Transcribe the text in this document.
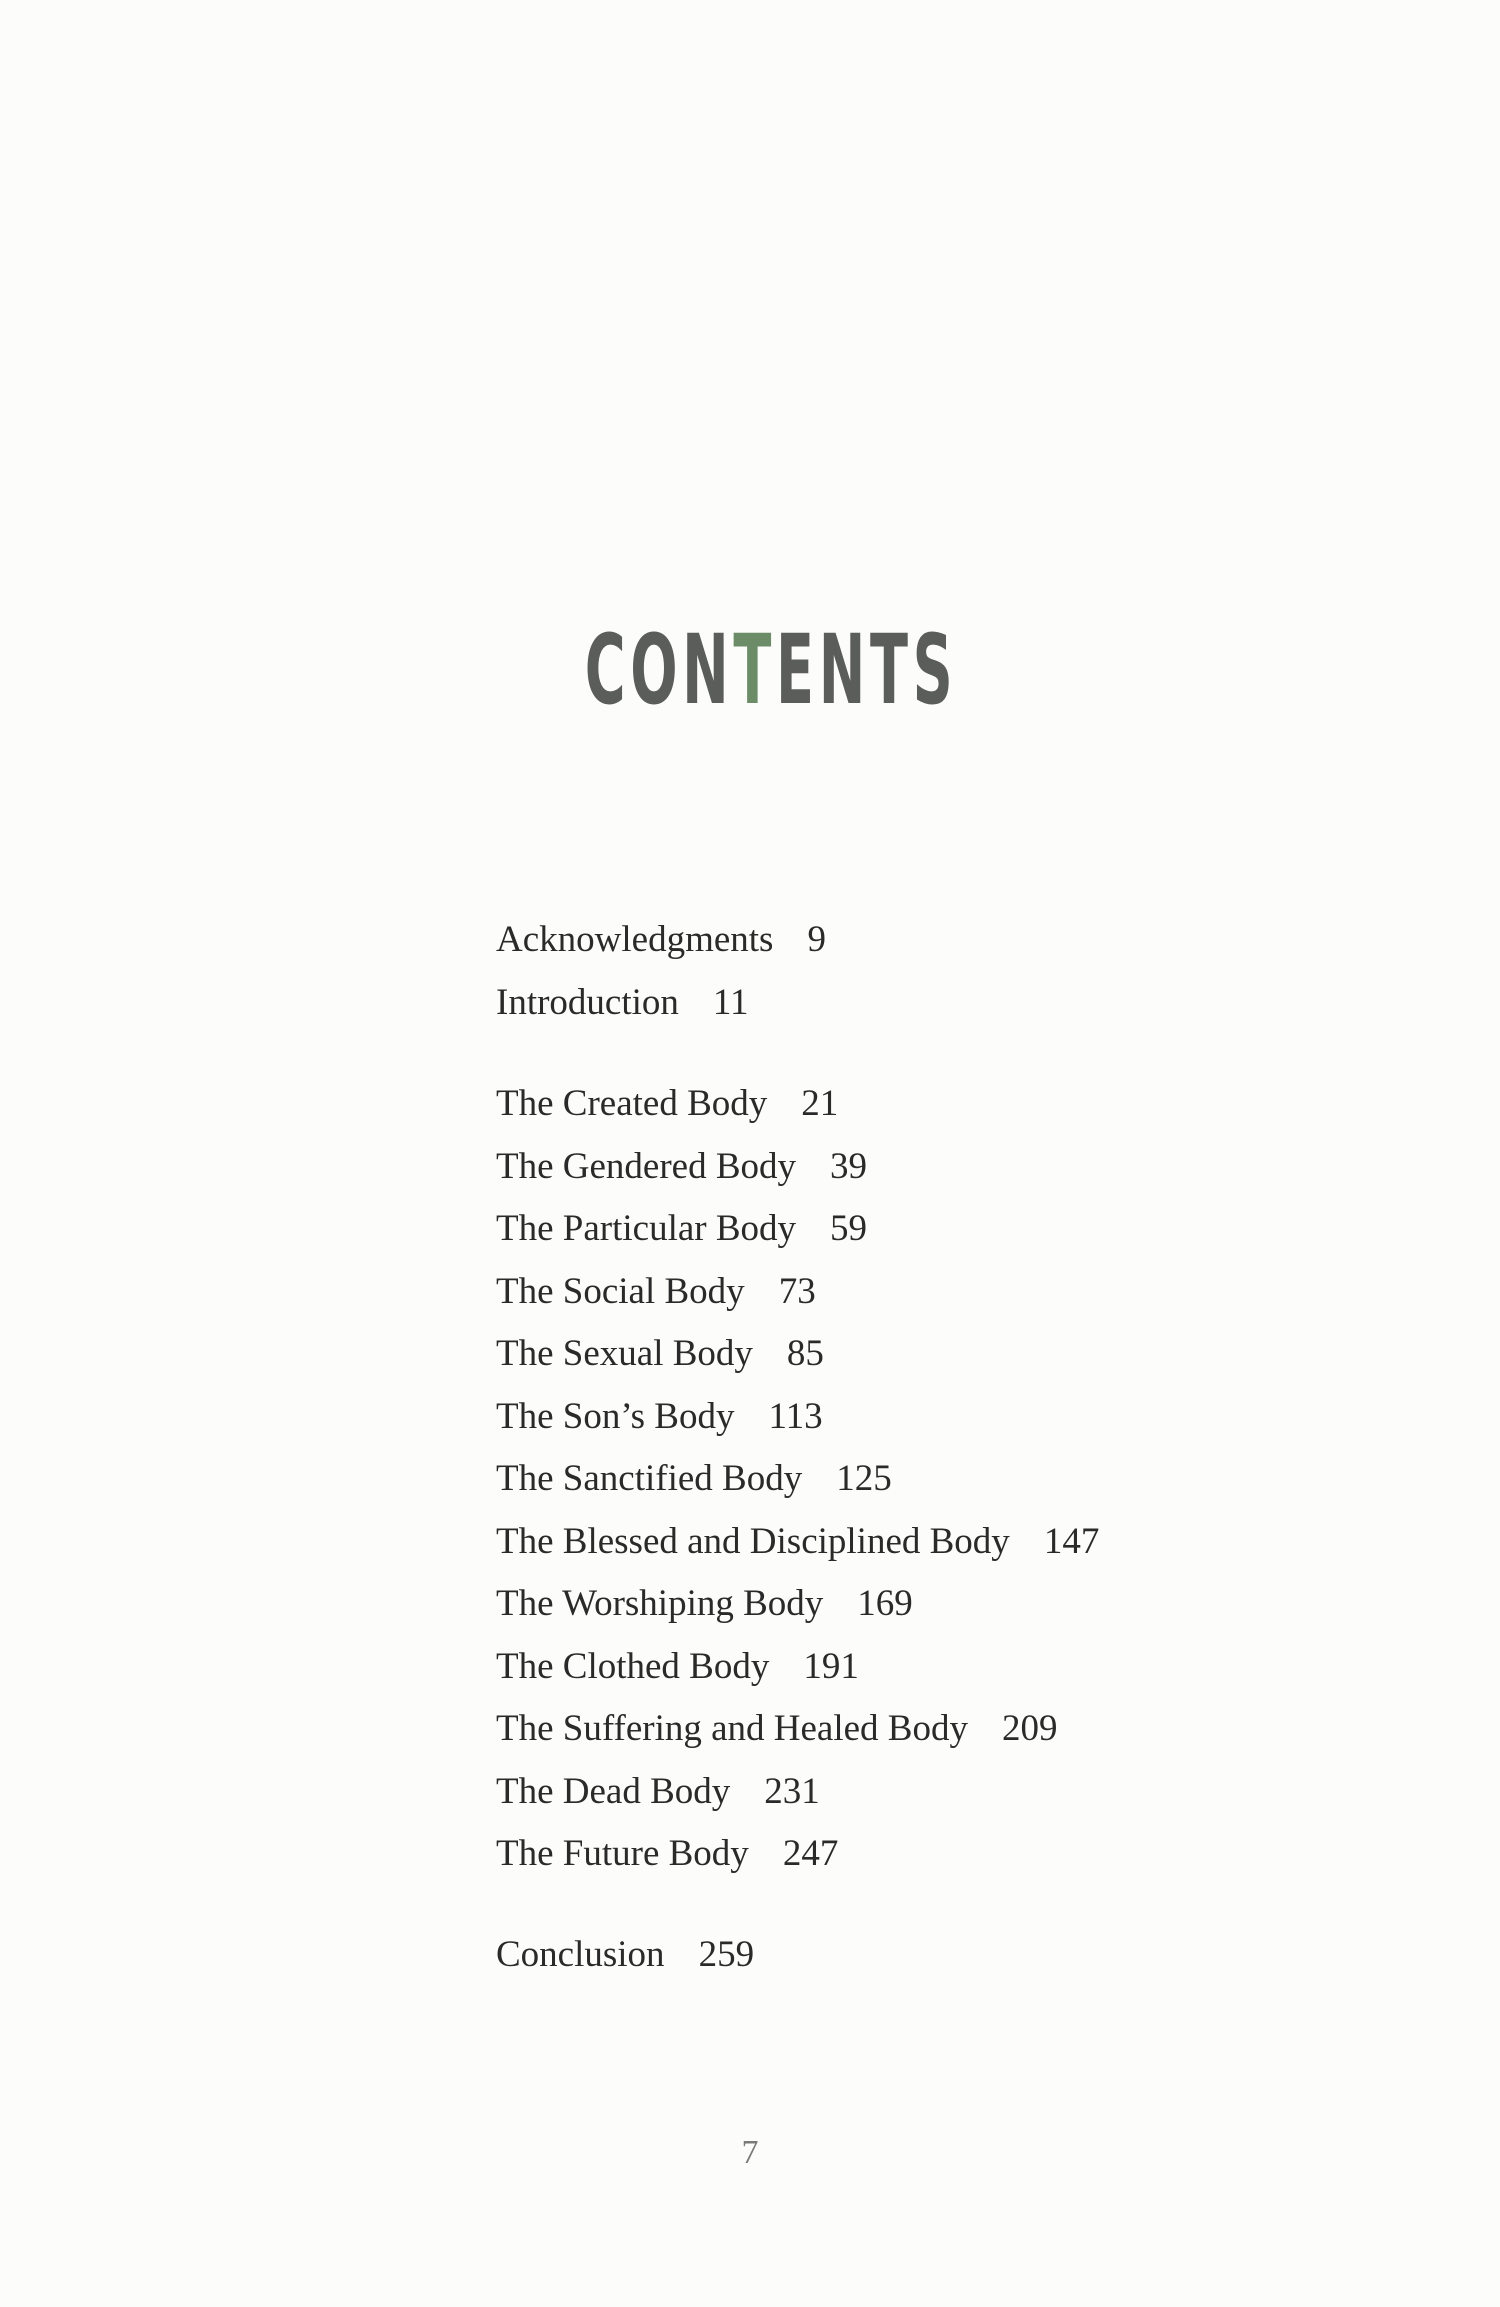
CONTENTS
Acknowledgments 9
Introduction 11
The Created Body 21
The Gendered Body 39
The Particular Body 59
The Social Body 73
The Sexual Body 85
The Son’s Body 113
The Sanctified Body 125
The Blessed and Disciplined Body 147
The Worshiping Body 169
The Clothed Body 191
The Suffering and Healed Body 209
The Dead Body 231
The Future Body 247
Conclusion 259
7
